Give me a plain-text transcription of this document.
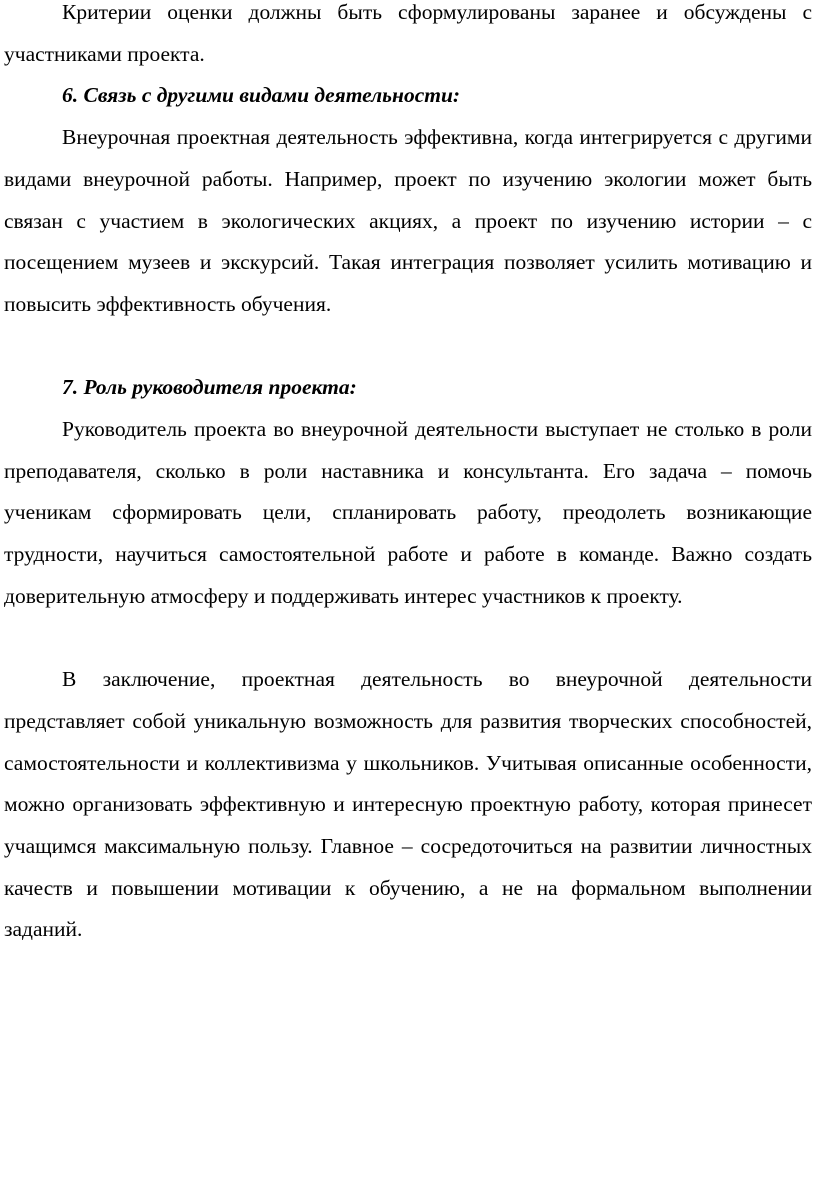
Критерии оценки должны быть сформулированы заранее и обсуждены с участниками проекта.

6. Связь с другими видами деятельности:

Внеурочная проектная деятельность эффективна, когда интегрируется с другими видами внеурочной работы. Например, проект по изучению экологии может быть связан с участием в экологических акциях, а проект по изучению истории – с посещением музеев и экскурсий. Такая интеграция позволяет усилить мотивацию и повысить эффективность обучения.

7. Роль руководителя проекта:

Руководитель проекта во внеурочной деятельности выступает не столько в роли преподавателя, сколько в роли наставника и консультанта. Его задача – помочь ученикам сформировать цели, спланировать работу, преодолеть возникающие трудности, научиться самостоятельной работе и работе в команде. Важно создать доверительную атмосферу и поддерживать интерес участников к проекту.

В заключение, проектная деятельность во внеурочной деятельности представляет собой уникальную возможность для развития творческих способностей, самостоятельности и коллективизма у школьников. Учитывая описанные особенности, можно организовать эффективную и интересную проектную работу, которая принесет учащимся максимальную пользу. Главное – сосредоточиться на развитии личностных качеств и повышении мотивации к обучению, а не на формальном выполнении заданий.
